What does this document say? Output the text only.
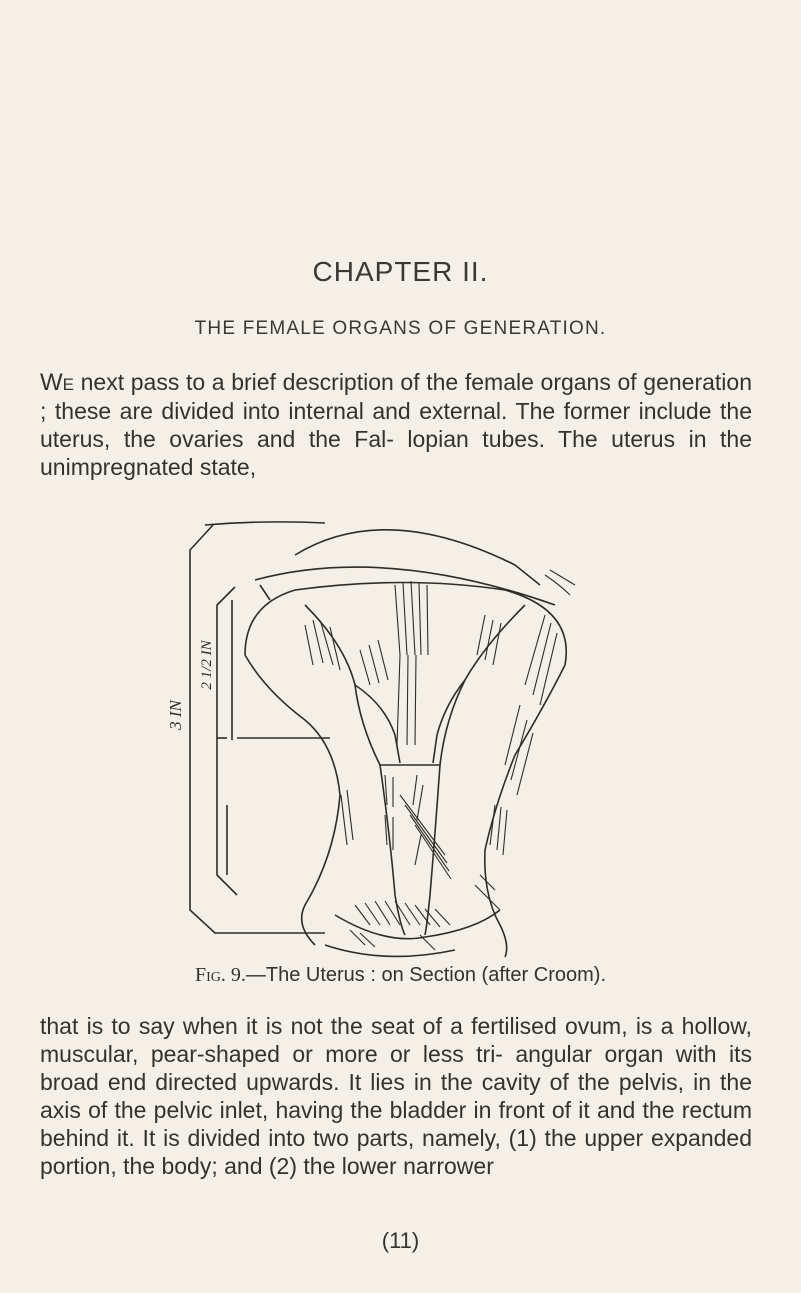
CHAPTER II.
THE FEMALE ORGANS OF GENERATION.
We next pass to a brief description of the female organs of generation ; these are divided into internal and external. The former include the uterus, the ovaries and the Fal- lopian tubes. The uterus in the unimpregnated state,
3 IN
2 1/2 IN
Fig. 9.—The Uterus : on Section (after Croom).
that is to say when it is not the seat of a fertilised ovum, is a hollow, muscular, pear-shaped or more or less tri- angular organ with its broad end directed upwards. It lies in the cavity of the pelvis, in the axis of the pelvic inlet, having the bladder in front of it and the rectum behind it. It is divided into two parts, namely, (1) the upper expanded portion, the body; and (2) the lower narrower
(11)
